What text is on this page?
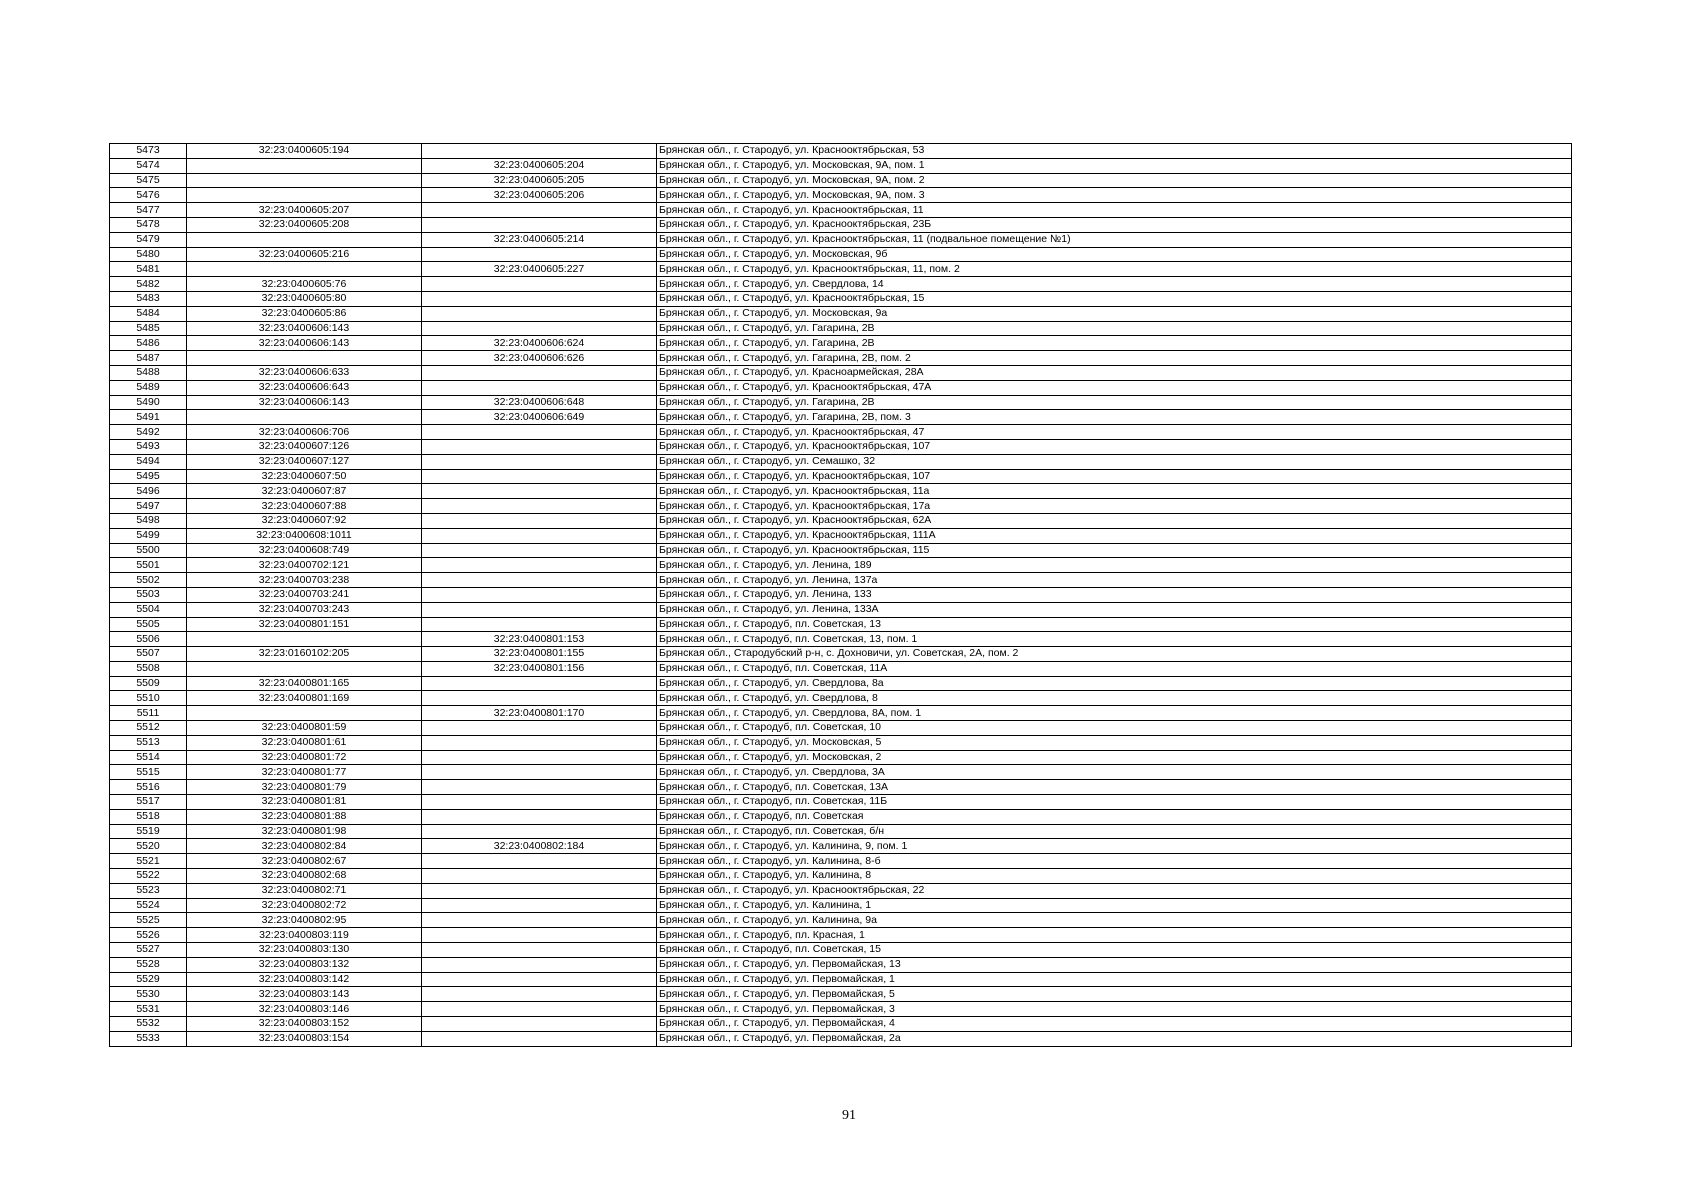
5473	32:23:0400605:194		Брянская обл., г. Стародуб, ул. Краснооктябрьская, 53
5474		32:23:0400605:204	Брянская обл., г. Стародуб, ул. Московская, 9А, пом. 1
5475		32:23:0400605:205	Брянская обл., г. Стародуб, ул. Московская, 9А, пом. 2
5476		32:23:0400605:206	Брянская обл., г. Стародуб, ул. Московская, 9А, пом. 3
5477	32:23:0400605:207		Брянская обл., г. Стародуб, ул. Краснооктябрьская, 11
5478	32:23:0400605:208		Брянская обл., г. Стародуб, ул. Краснооктябрьская, 23Б
5479		32:23:0400605:214	Брянская обл., г. Стародуб, ул. Краснооктябрьская, 11 (подвальное помещение №1)
5480	32:23:0400605:216		Брянская обл., г. Стародуб, ул. Московская, 9б
5481		32:23:0400605:227	Брянская обл., г. Стародуб, ул. Краснооктябрьская, 11, пом. 2
5482	32:23:0400605:76		Брянская обл., г. Стародуб, ул. Свердлова, 14
5483	32:23:0400605:80		Брянская обл., г. Стародуб, ул. Краснооктябрьская, 15
5484	32:23:0400605:86		Брянская обл., г. Стародуб, ул. Московская, 9а
5485	32:23:0400606:143		Брянская обл., г. Стародуб, ул. Гагарина, 2В
5486	32:23:0400606:143	32:23:0400606:624	Брянская обл., г. Стародуб, ул. Гагарина, 2В
5487		32:23:0400606:626	Брянская обл., г. Стародуб, ул. Гагарина, 2В, пом. 2
5488	32:23:0400606:633		Брянская обл., г. Стародуб, ул. Красноармейская, 28А
5489	32:23:0400606:643		Брянская обл., г. Стародуб, ул. Краснооктябрьская, 47А
5490	32:23:0400606:143	32:23:0400606:648	Брянская обл., г. Стародуб, ул. Гагарина, 2В
5491		32:23:0400606:649	Брянская обл., г. Стародуб, ул. Гагарина, 2В, пом. 3
5492	32:23:0400606:706		Брянская обл., г. Стародуб, ул. Краснооктябрьская, 47
5493	32:23:0400607:126		Брянская обл., г. Стародуб, ул. Краснооктябрьская, 107
5494	32:23:0400607:127		Брянская обл., г. Стародуб, ул. Семашко, 32
5495	32:23:0400607:50		Брянская обл., г. Стародуб, ул. Краснооктябрьская, 107
5496	32:23:0400607:87		Брянская обл., г. Стародуб, ул. Краснооктябрьская, 11а
5497	32:23:0400607:88		Брянская обл., г. Стародуб, ул. Краснооктябрьская, 17а
5498	32:23:0400607:92		Брянская обл., г. Стародуб, ул. Краснооктябрьская, 62А
5499	32:23:0400608:1011		Брянская обл., г. Стародуб, ул. Краснооктябрьская, 111А
5500	32:23:0400608:749		Брянская обл., г. Стародуб, ул. Краснооктябрьская, 115
5501	32:23:0400702:121		Брянская обл., г. Стародуб, ул. Ленина, 189
5502	32:23:0400703:238		Брянская обл., г. Стародуб, ул. Ленина, 137а
5503	32:23:0400703:241		Брянская обл., г. Стародуб, ул. Ленина, 133
5504	32:23:0400703:243		Брянская обл., г. Стародуб, ул. Ленина, 133А
5505	32:23:0400801:151		Брянская обл., г. Стародуб, пл. Советская, 13
5506		32:23:0400801:153	Брянская обл., г. Стародуб, пл. Советская, 13, пом. 1
5507	32:23:0160102:205	32:23:0400801:155	Брянская обл., Стародубский р-н, с. Дохновичи, ул. Советская, 2А, пом. 2
5508		32:23:0400801:156	Брянская обл., г. Стародуб, пл. Советская, 11А
5509	32:23:0400801:165		Брянская обл., г. Стародуб, ул. Свердлова, 8а
5510	32:23:0400801:169		Брянская обл., г. Стародуб, ул. Свердлова, 8
5511		32:23:0400801:170	Брянская обл., г. Стародуб, ул. Свердлова, 8А, пом. 1
5512	32:23:0400801:59		Брянская обл., г. Стародуб, пл. Советская, 10
5513	32:23:0400801:61		Брянская обл., г. Стародуб, ул. Московская, 5
5514	32:23:0400801:72		Брянская обл., г. Стародуб, ул. Московская, 2
5515	32:23:0400801:77		Брянская обл., г. Стародуб, ул. Свердлова, 3А
5516	32:23:0400801:79		Брянская обл., г. Стародуб, пл. Советская, 13А
5517	32:23:0400801:81		Брянская обл., г. Стародуб, пл. Советская, 11Б
5518	32:23:0400801:88		Брянская обл., г. Стародуб, пл. Советская
5519	32:23:0400801:98		Брянская обл., г. Стародуб, пл. Советская, б/н
5520	32:23:0400802:84	32:23:0400802:184	Брянская обл., г. Стародуб, ул. Калинина, 9, пом. 1
5521	32:23:0400802:67		Брянская обл., г. Стародуб, ул. Калинина, 8-б
5522	32:23:0400802:68		Брянская обл., г. Стародуб, ул. Калинина, 8
5523	32:23:0400802:71		Брянская обл., г. Стародуб, ул. Краснооктябрьская, 22
5524	32:23:0400802:72		Брянская обл., г. Стародуб, ул. Калинина, 1
5525	32:23:0400802:95		Брянская обл., г. Стародуб, ул. Калинина, 9а
5526	32:23:0400803:119		Брянская обл., г. Стародуб, пл. Красная, 1
5527	32:23:0400803:130		Брянская обл., г. Стародуб, пл. Советская, 15
5528	32:23:0400803:132		Брянская обл., г. Стародуб, ул. Первомайская, 13
5529	32:23:0400803:142		Брянская обл., г. Стародуб, ул. Первомайская, 1
5530	32:23:0400803:143		Брянская обл., г. Стародуб, ул. Первомайская, 5
5531	32:23:0400803:146		Брянская обл., г. Стародуб, ул. Первомайская, 3
5532	32:23:0400803:152		Брянская обл., г. Стародуб, ул. Первомайская, 4
5533	32:23:0400803:154		Брянская обл., г. Стародуб, ул. Первомайская, 2а
91
